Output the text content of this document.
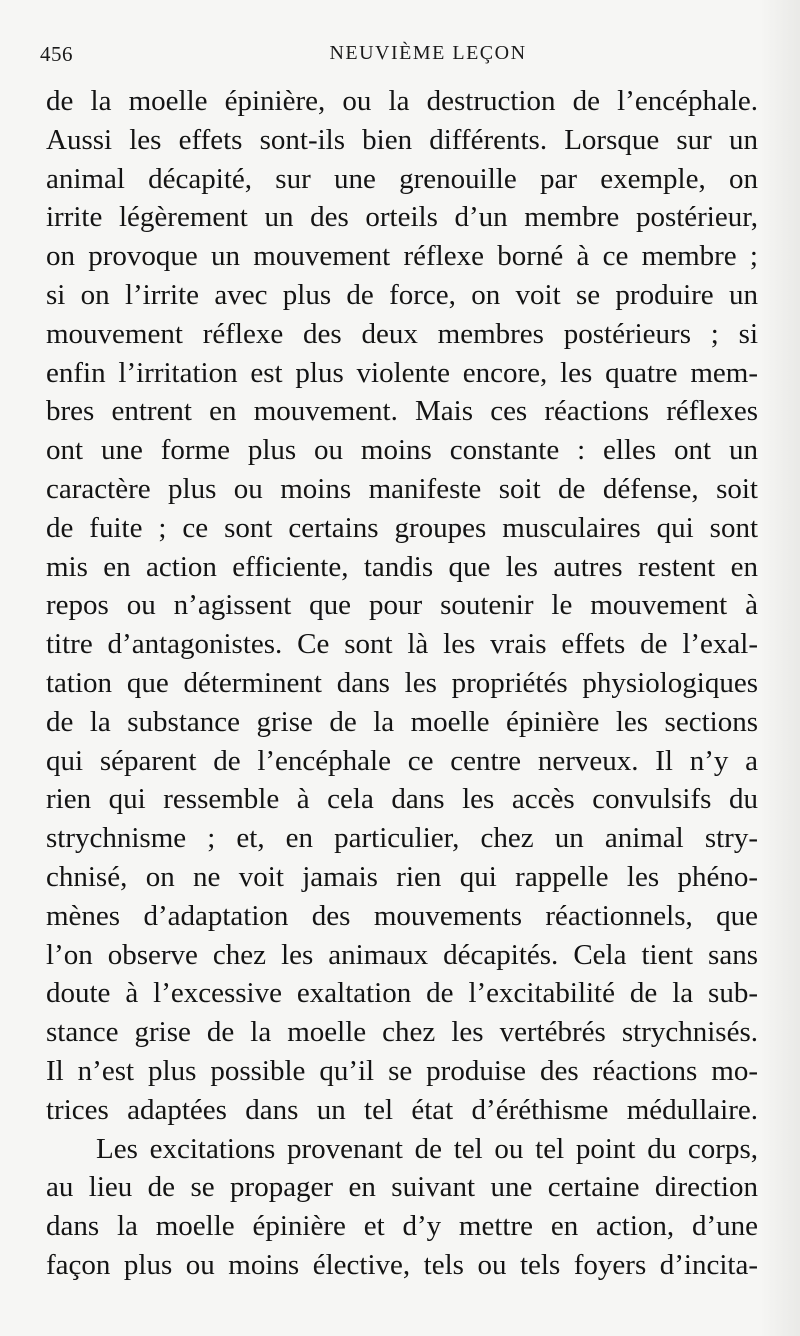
456	NEUVIÈME LEÇON
de la moelle épinière, ou la destruction de l’encéphale.
Aussi les effets sont-ils bien différents. Lorsque sur un
animal décapité, sur une grenouille par exemple, on
irrite légèrement un des orteils d’un membre postérieur,
on provoque un mouvement réflexe borné à ce membre ;
si on l’irrite avec plus de force, on voit se produire un
mouvement réflexe des deux membres postérieurs ; si
enfin l’irritation est plus violente encore, les quatre mem-
bres entrent en mouvement. Mais ces réactions réflexes
ont une forme plus ou moins constante : elles ont un
caractère plus ou moins manifeste soit de défense, soit
de fuite ; ce sont certains groupes musculaires qui sont
mis en action efficiente, tandis que les autres restent en
repos ou n’agissent que pour soutenir le mouvement à
titre d’antagonistes. Ce sont là les vrais effets de l’exal-
tation que déterminent dans les propriétés physiologiques
de la substance grise de la moelle épinière les sections
qui séparent de l’encéphale ce centre nerveux. Il n’y a
rien qui ressemble à cela dans les accès convulsifs du
strychnisme ; et, en particulier, chez un animal stry-
chnisé, on ne voit jamais rien qui rappelle les phéno-
mènes d’adaptation des mouvements réactionnels, que
l’on observe chez les animaux décapités. Cela tient sans
doute à l’excessive exaltation de l’excitabilité de la sub-
stance grise de la moelle chez les vertébrés strychnisés.
Il n’est plus possible qu’il se produise des réactions mo-
trices adaptées dans un tel état d’éréthisme médullaire.
Les excitations provenant de tel ou tel point du corps,
au lieu de se propager en suivant une certaine direction
dans la moelle épinière et d’y mettre en action, d’une
façon plus ou moins élective, tels ou tels foyers d’incita-
